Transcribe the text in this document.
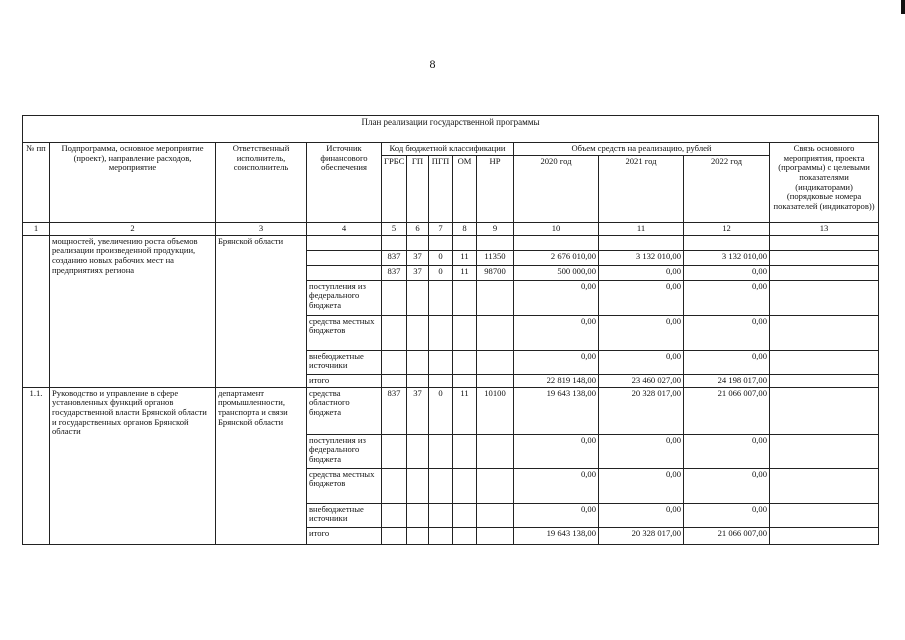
8
План реализации государственной программы												
№ пп	Подпрограмма, основное мероприятие (проект), направление расходов, мероприятие	Ответственный исполнитель, соисполнитель	Источник финансового обеспечения	Код бюджетной классификации					Объем средств на реализацию, рублей			Связь основного мероприятия, проекта (программы) с целевыми показателями (индикаторами) (порядковые номера показателей (индикаторов))
				ГРБС	ГП	ПГП	ОМ	НР	2020 год	2021 год	2022 год	
1	2	3	4	5	6	7	8	9	10	11	12	13
	мощностей, увеличению роста объемов реализации произведенной продукции, созданию новых рабочих мест на предприятиях региона	Брянской области										
				837	37	0	11	11350	2 676 010,00	3 132 010,00	3 132 010,00	
				837	37	0	11	98700	500 000,00	0,00	0,00	
			поступления из федерального бюджета						0,00	0,00	0,00	
			средства местных бюджетов						0,00	0,00	0,00	
			внебюджетные источники						0,00	0,00	0,00	
			итого						22 819 148,00	23 460 027,00	24 198 017,00	
1.1.	Руководство и управление в сфере установленных функций органов государственной власти Брянской области и государственных органов Брянской области	департамент промышленности, транспорта и связи Брянской области	средства областного бюджета	837	37	0	11	10100	19 643 138,00	20 328 017,00	21 066 007,00	
			поступления из федерального бюджета						0,00	0,00	0,00	
			средства местных бюджетов						0,00	0,00	0,00	
			внебюджетные источники						0,00	0,00	0,00	
			итого						19 643 138,00	20 328 017,00	21 066 007,00	
